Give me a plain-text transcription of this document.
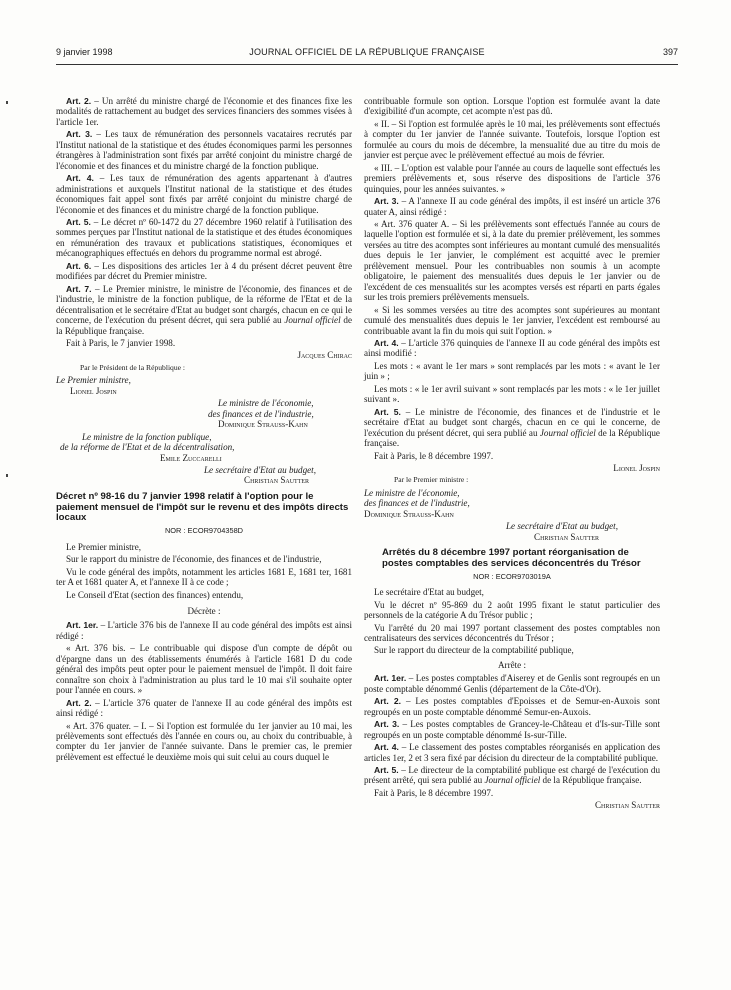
9 janvier 1998	JOURNAL OFFICIEL DE LA RÉPUBLIQUE FRANÇAISE	397

Art. 2. – Un arrêté du ministre chargé de l'économie et des finances fixe les modalités de rattachement au budget des services financiers des sommes visées à l'article 1er.

Art. 3. – Les taux de rémunération des personnels vacataires recrutés par l'Institut national de la statistique et des études économiques parmi les personnes étrangères à l'administration sont fixés par arrêté conjoint du ministre chargé de l'économie et des finances et du ministre chargé de la fonction publique.

Art. 4. – Les taux de rémunération des agents appartenant à d'autres administrations et auxquels l'Institut national de la statistique et des études économiques fait appel sont fixés par arrêté conjoint du ministre chargé de l'économie et des finances et du ministre chargé de la fonction publique.

Art. 5. – Le décret nº 60-1472 du 27 décembre 1960 relatif à l'utilisation des sommes perçues par l'Institut national de la statistique et des études économiques en rémunération des travaux et publications statistiques, économiques et mécanographiques effectués en dehors du programme normal est abrogé.

Art. 6. – Les dispositions des articles 1er à 4 du présent décret peuvent être modifiées par décret du Premier ministre.

Art. 7. – Le Premier ministre, le ministre de l'économie, des finances et de l'industrie, le ministre de la fonction publique, de la réforme de l'Etat et de la décentralisation et le secrétaire d'Etat au budget sont chargés, chacun en ce qui le concerne, de l'exécution du présent décret, qui sera publié au Journal officiel de la République française.

Fait à Paris, le 7 janvier 1998.

Jacques Chirac

Par le Président de la République :

Le Premier ministre,

Lionel Jospin

Le ministre de l'économie,

des finances et de l'industrie,

Dominique Strauss-Kahn

Le ministre de la fonction publique,

de la réforme de l'Etat et de la décentralisation,

Emile Zuccarelli

Le secrétaire d'Etat au budget,

Christian Sautter

Décret nº 98-16 du 7 janvier 1998 relatif à l'option pour le paiement mensuel de l'impôt sur le revenu et des impôts directs locaux
NOR : ECOR9704358D

Le Premier ministre,

Sur le rapport du ministre de l'économie, des finances et de l'industrie,

Vu le code général des impôts, notamment les articles 1681 E, 1681 ter, 1681 ter A et 1681 quater A, et l'annexe II à ce code ;

Le Conseil d'Etat (section des finances) entendu,

Décrète :

Art. 1er. – L'article 376 bis de l'annexe II au code général des impôts est ainsi rédigé :

« Art. 376 bis. – Le contribuable qui dispose d'un compte de dépôt ou d'épargne dans un des établissements énumérés à l'article 1681 D du code général des impôts peut opter pour le paiement mensuel de l'impôt. Il doit faire connaître son choix à l'administration au plus tard le 10 mai s'il souhaite opter pour l'année en cours. »

Art. 2. – L'article 376 quater de l'annexe II au code général des impôts est ainsi rédigé :

« Art. 376 quater. – I. – Si l'option est formulée du 1er janvier au 10 mai, les prélèvements sont effectués dès l'année en cours ou, au choix du contribuable, à compter du 1er janvier de l'année suivante. Dans le premier cas, le premier prélèvement est effectué le deuxième mois qui suit celui au cours duquel le

contribuable formule son option. Lorsque l'option est formulée avant la date d'exigibilité d'un acompte, cet acompte n'est pas dû.

« II. – Si l'option est formulée après le 10 mai, les prélèvements sont effectués à compter du 1er janvier de l'année suivante. Toutefois, lorsque l'option est formulée au cours du mois de décembre, la mensualité due au titre du mois de janvier est perçue avec le prélèvement effectué au mois de février.

« III. – L'option est valable pour l'année au cours de laquelle sont effectués les premiers prélèvements et, sous réserve des dispositions de l'article 376 quinquies, pour les années suivantes. »

Art. 3. – A l'annexe II au code général des impôts, il est inséré un article 376 quater A, ainsi rédigé :

« Art. 376 quater A. – Si les prélèvements sont effectués l'année au cours de laquelle l'option est formulée et si, à la date du premier prélèvement, les sommes versées au titre des acomptes sont inférieures au montant cumulé des mensualités dues depuis le 1er janvier, le complément est acquitté avec le premier prélèvement mensuel. Pour les contribuables non soumis à un acompte obligatoire, le paiement des mensualités dues depuis le 1er janvier ou de l'excédent de ces mensualités sur les acomptes versés est réparti en parts égales sur les trois premiers prélèvements mensuels.

« Si les sommes versées au titre des acomptes sont supérieures au montant cumulé des mensualités dues depuis le 1er janvier, l'excédent est remboursé au contribuable avant la fin du mois qui suit l'option. »

Art. 4. – L'article 376 quinquies de l'annexe II au code général des impôts est ainsi modifié :

Les mots : « avant le 1er mars » sont remplacés par les mots : « avant le 1er juin » ;

Les mots : « le 1er avril suivant » sont remplacés par les mots : « le 1er juillet suivant ».

Art. 5. – Le ministre de l'économie, des finances et de l'industrie et le secrétaire d'Etat au budget sont chargés, chacun en ce qui le concerne, de l'exécution du présent décret, qui sera publié au Journal officiel de la République française.

Fait à Paris, le 8 décembre 1997.

Lionel Jospin

Par le Premier ministre :

Le ministre de l'économie,

des finances et de l'industrie,

Dominique Strauss-Kahn

Le secrétaire d'Etat au budget,

Christian Sautter

Arrêtés du 8 décembre 1997 portant réorganisation de postes comptables des services déconcentrés du Trésor
NOR : ECOR9703019A

Le secrétaire d'Etat au budget,

Vu le décret nº 95-869 du 2 août 1995 fixant le statut particulier des personnels de la catégorie A du Trésor public ;

Vu l'arrêté du 20 mai 1997 portant classement des postes comptables non centralisateurs des services déconcentrés du Trésor ;

Sur le rapport du directeur de la comptabilité publique,

Arrête :

Art. 1er. – Les postes comptables d'Aiserey et de Genlis sont regroupés en un poste comptable dénommé Genlis (département de la Côte-d'Or).

Art. 2. – Les postes comptables d'Epoisses et de Semur-en-Auxois sont regroupés en un poste comptable dénommé Semur-en-Auxois.

Art. 3. – Les postes comptables de Grancey-le-Château et d'Is-sur-Tille sont regroupés en un poste comptable dénommé Is-sur-Tille.

Art. 4. – Le classement des postes comptables réorganisés en application des articles 1er, 2 et 3 sera fixé par décision du directeur de la comptabilité publique.

Art. 5. – Le directeur de la comptabilité publique est chargé de l'exécution du présent arrêté, qui sera publié au Journal officiel de la République française.

Fait à Paris, le 8 décembre 1997.

Christian Sautter
